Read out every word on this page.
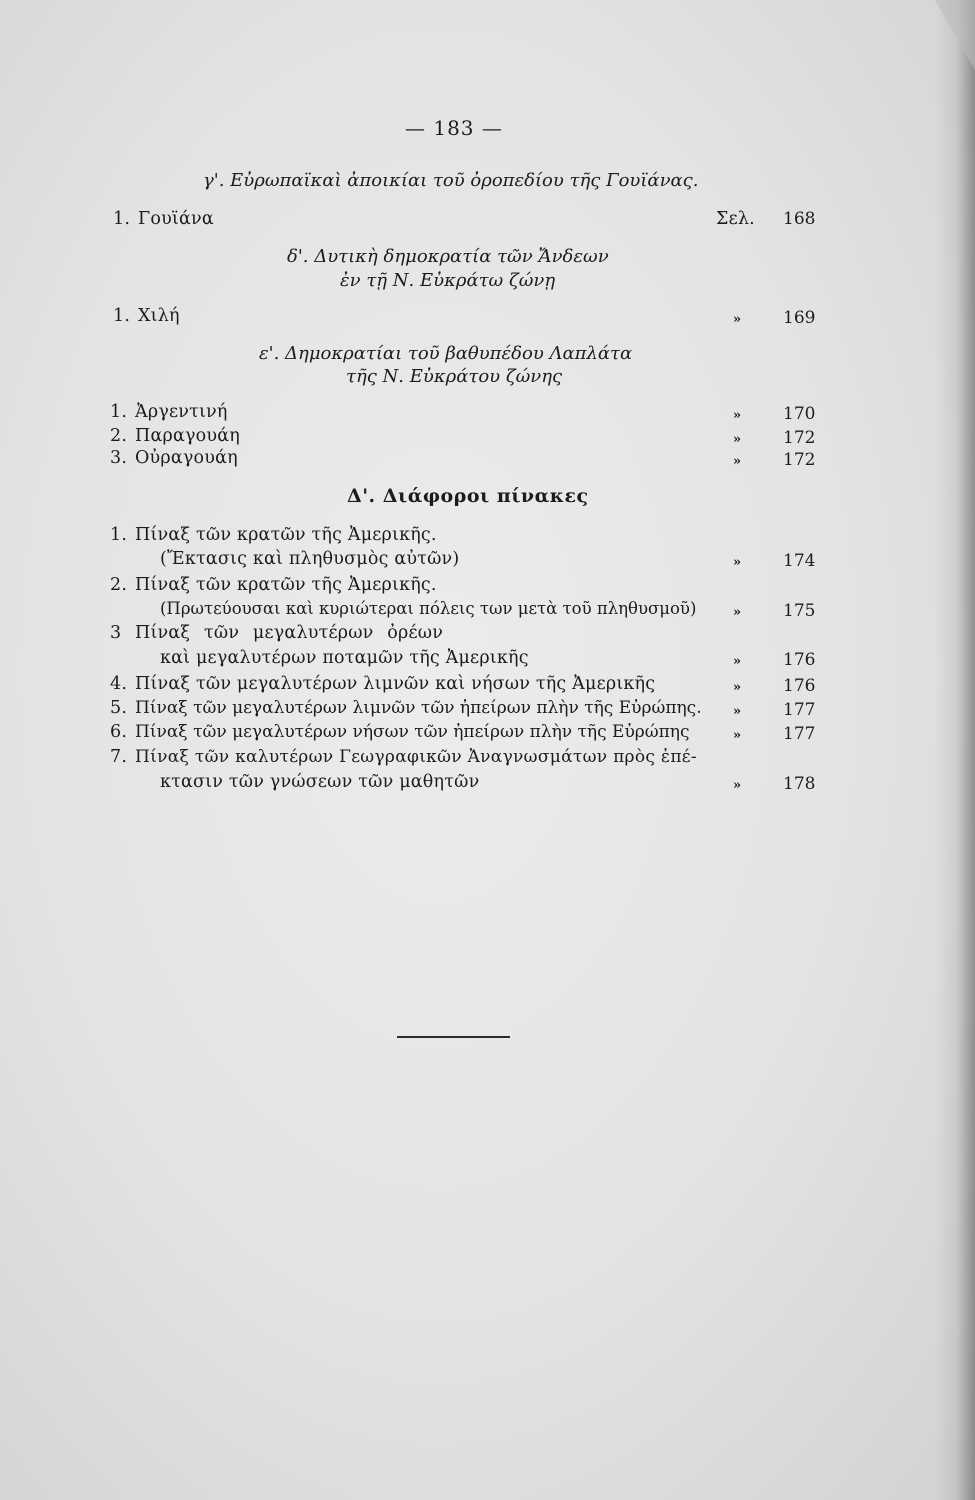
— 183 —
γ'. Εὐρωπαϊκαὶ ἀποικίαι τοῦ ὀροπεδίου τῆς Γουϊάνας.
1. Γουϊάνα	Σελ. 168
δ'. Δυτικὴ δημοκρατία τῶν Ἄνδεων
ἐν τῇ Ν. Εὐκράτω ζώνῃ
1. Χιλή	» 169
ε'. Δημοκρατίαι τοῦ βαθυπέδου Λαπλάτα
τῆς Ν. Εὐκράτου ζώνης
1. Ἀργεντινή	» 170
2. Παραγουάη	» 172
3. Οὐραγουάη	» 172
Δ'. Διάφοροι πίνακες
1. Πίναξ τῶν κρατῶν τῆς Ἀμερικῆς.
(Ἔκτασις καὶ πληθυσμὸς αὐτῶν)	» 174
2. Πίναξ τῶν κρατῶν τῆς Ἀμερικῆς.
(Πρωτεύουσαι καὶ κυριώτεραι πόλεις των μετὰ τοῦ πληθυσμοῦ)	» 175
3 Πίναξ τῶν μεγαλυτέρων ὀρέων
καὶ μεγαλυτέρων ποταμῶν τῆς Ἀμερικῆς	» 176
4. Πίναξ τῶν μεγαλυτέρων λιμνῶν καὶ νήσων τῆς Ἀμερικῆς	» 176
5. Πίναξ τῶν μεγαλυτέρων λιμνῶν τῶν ἠπείρων πλὴν τῆς Εὐρώπης. » 177
6. Πίναξ τῶν μεγαλυτέρων νήσων τῶν ἠπείρων πλὴν τῆς Εὐρώπης	» 177
7. Πίναξ τῶν καλυτέρων Γεωγραφικῶν Ἀναγνωσμάτων πρὸς ἐπέ-
κτασιν τῶν γνώσεων τῶν μαθητῶν	» 178
